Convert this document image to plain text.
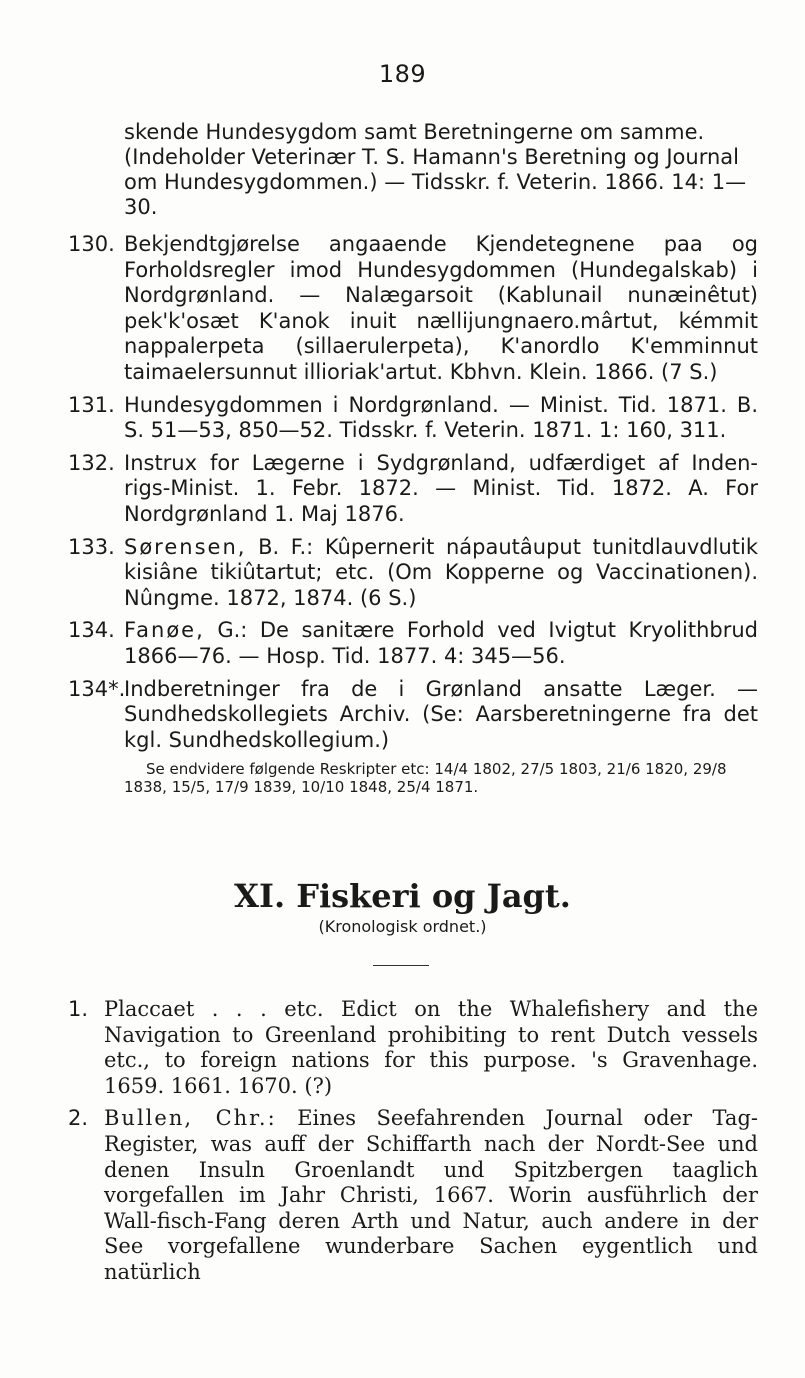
189

skende Hundesygdom samt Beretningerne om samme. (Indeholder Veterinær T. S. Hamann's Beretning og Journal om Hundesygdommen.) — Tidsskr. f. Veterin. 1866. 14: 1—30.

130. Bekjendtgjørelse angaaende Kjendetegnene paa og Forholdsregler imod Hundesygdommen (Hundegalskab) i Nordgrønland. — Nalægarsoit (Kablunail nunæinêtut) pek'k'osæt K'anok inuit nællijungnaero.mârtut, kémmit nappalerpeta (sillaerulerpeta), K'anordlo K'emminnut taimaelersunnut illioriak'artut. Kbhvn. Klein. 1866. (7 S.)
131. Hundesygdommen i Nordgrønland. — Minist. Tid. 1871. B. S. 51—53, 850—52. Tidsskr. f. Veterin. 1871. 1: 160, 311.
132. Instrux for Lægerne i Sydgrønland, udfærdiget af Inden-rigs-Minist. 1. Febr. 1872. — Minist. Tid. 1872. A. For Nordgrønland 1. Maj 1876.
133. Sørensen, B. F.: Kûpernerit nápautâuput tunitdlauvdlutik kisiâne tikiûtartut; etc. (Om Kopperne og Vaccinationen). Nûngme. 1872, 1874. (6 S.)
134. Fanøe, G.: De sanitære Forhold ved Ivigtut Kryolithbrud 1866—76. — Hosp. Tid. 1877. 4: 345—56.
134*.
Indberetninger fra de i Grønland ansatte Læger. — Sundhedskollegiets Archiv. (Se: Aarsberetningerne fra det kgl. Sundhedskollegium.)

Se endvidere følgende Reskripter etc: 14/4 1802, 27/5 1803, 21/6 1820, 29/8 1838, 15/5, 17/9 1839, 10/10 1848, 25/4 1871.

XI. Fiskeri og Jagt.
(Kronologisk ordnet.)
1. Placcaet . . . etc. Edict on the Whalefishery and the Navigation to Greenland prohibiting to rent Dutch vessels etc., to foreign nations for this purpose. 's Gravenhage. 1659. 1661. 1670. (?)
2. Bullen, Chr.: Eines Seefahrenden Journal oder Tag-Register, was auff der Schiffarth nach der Nordt-See und denen Insuln Groenlandt und Spitzbergen taaglich vorgefallen im Jahr Christi, 1667. Worin ausführlich der Wall-fisch-Fang deren Arth und Natur, auch andere in der See vorgefallene wunderbare Sachen eygentlich und natürlich
